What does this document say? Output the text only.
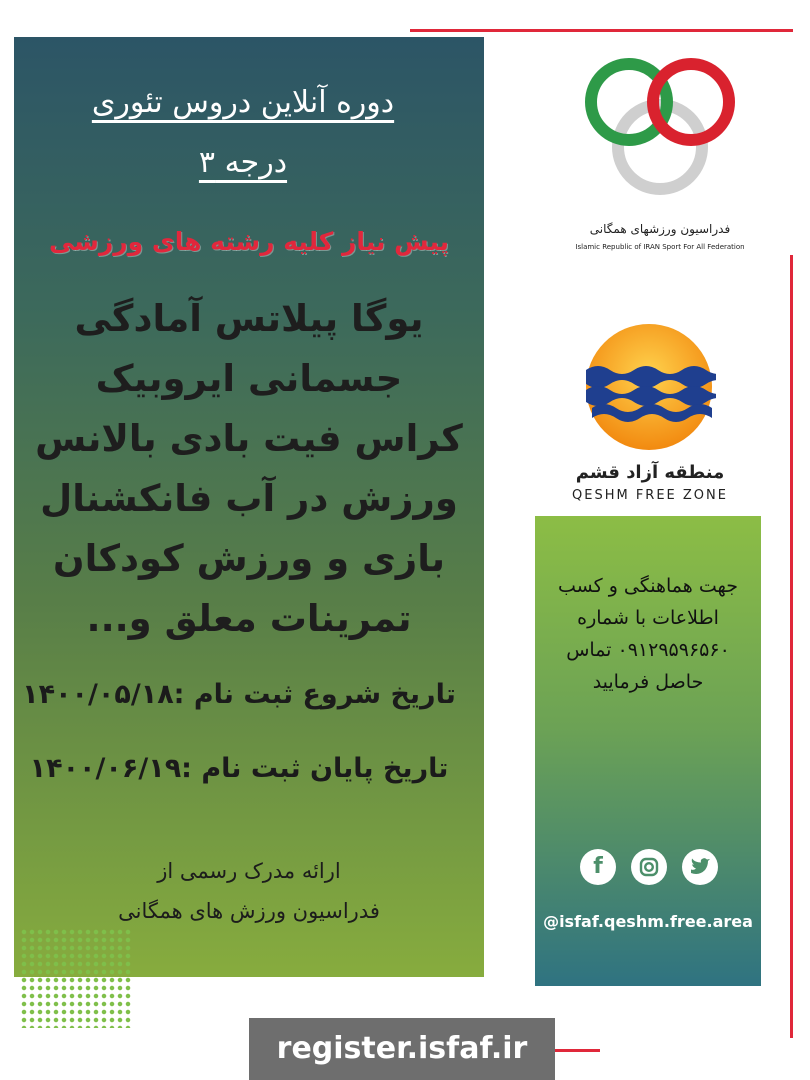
دوره آنلاین دروس تئوری
درجه ۳
پیش نیاز کلیه رشته های ورزشی
یوگا پیلاتس آمادگی
جسمانی ایروبیک
کراس فیت بادی بالانس
ورزش در آب فانکشنال
بازی و ورزش کودکان
تمرینات معلق و...
تاریخ شروع ثبت نام :۱۴۰۰/۰۵/۱۸
تاریخ پایان ثبت نام :۱۴۰۰/۰۶/۱۹
ارائه مدرک رسمی از
فدراسیون ورزش های همگانی
فدراسیون ورزشهای همگانی
Islamic Republic of IRAN Sport For All Federation
منطقه آزاد قشم
QESHM FREE ZONE
جهت هماهنگی و کسب
اطلاعات با شماره
۰۹۱۲۹۵۹۶۵۶۰ تماس
حاصل فرمایید
f
@isfaf.qeshm.free.area
register.isfaf.ir
